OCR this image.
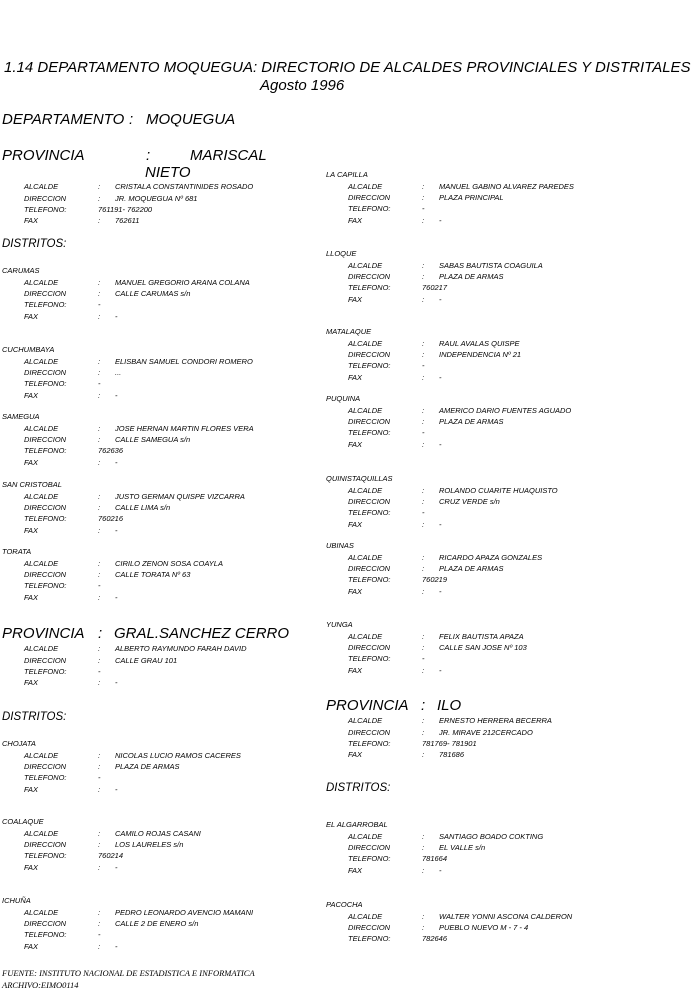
1.14 DEPARTAMENTO MOQUEGUA: DIRECTORIO DE ALCALDES PROVINCIALES Y DISTRITALES
Agosto 1996
DEPARTAMENTO : MOQUEGUA
PROVINCIA	:	MARISCAL
NIETO
ALCALDE	: CRISTALA CONSTANTINIDES ROSADO
DIRECCION	: JR. MOQUEGUA Nº 681
TELEFONO:	761191- 762200
FAX	: 762611
DISTRITOS:
PROVINCIA : GRAL.SANCHEZ CERRO
ALCALDE	: ALBERTO RAYMUNDO FARAH DAVID
DIRECCION	: CALLE GRAU 101
TELEFONO:	-
FAX	: -
DISTRITOS:
PROVINCIA : ILO
ALCALDE	: ERNESTO HERRERA BECERRA
DIRECCION	: JR. MIRAVE 212CERCADO
TELEFONO:	781769- 781901
FAX	: 781686
DISTRITOS:
CARUMAS
ALCALDE	: MANUEL GREGORIO ARANA COLANA
DIRECCION	: CALLE CARUMAS s/n
TELEFONO:	-
FAX	: -
CUCHUMBAYA
ALCALDE	: ELISBAN SAMUEL CONDORI ROMERO
DIRECCION	: ...
TELEFONO:	-
FAX	: -
SAMEGUA
ALCALDE	: JOSE HERNAN MARTIN FLORES VERA
DIRECCION	: CALLE SAMEGUA s/n
TELEFONO:	762636
FAX	: -
SAN CRISTOBAL
ALCALDE	: JUSTO GERMAN QUISPE VIZCARRA
DIRECCION	: CALLE LIMA s/n
TELEFONO:	760216
FAX	: -
TORATA
ALCALDE	: CIRILO ZENON SOSA COAYLA
DIRECCION	: CALLE TORATA Nº 63
TELEFONO:	-
FAX	: -
CHOJATA
ALCALDE	: NICOLAS LUCIO RAMOS CACERES
DIRECCION	: PLAZA DE ARMAS
TELEFONO:	-
FAX	: -
COALAQUE
ALCALDE	: CAMILO ROJAS CASANI
DIRECCION	: LOS LAURELES s/n
TELEFONO:	760214
FAX	: -
ICHUÑA
ALCALDE	: PEDRO LEONARDO AVENCIO MAMANI
DIRECCION	: CALLE 2 DE ENERO s/n
TELEFONO:	-
FAX	: -
LA CAPILLA
ALCALDE	: MANUEL GABINO ALVAREZ PAREDES
DIRECCION	: PLAZA PRINCIPAL
TELEFONO:	-
FAX	: -
LLOQUE
ALCALDE	: SABAS BAUTISTA COAGUILA
DIRECCION	: PLAZA DE ARMAS
TELEFONO:	760217
FAX	: -
MATALAQUE
ALCALDE	: RAUL AVALAS QUISPE
DIRECCION	: INDEPENDENCIA Nº 21
TELEFONO:	-
FAX	: -
PUQUINA
ALCALDE	: AMERICO DARIO FUENTES AGUADO
DIRECCION	: PLAZA DE ARMAS
TELEFONO:	-
FAX	: -
QUINISTAQUILLAS
ALCALDE	: ROLANDO CUARITE HUAQUISTO
DIRECCION	: CRUZ VERDE s/n
TELEFONO:	-
FAX	: -
UBINAS
ALCALDE	: RICARDO APAZA GONZALES
DIRECCION	: PLAZA DE ARMAS
TELEFONO:	760219
FAX	: -
YUNGA
ALCALDE	: FELIX BAUTISTA APAZA
DIRECCION	: CALLE SAN JOSE Nº 103
TELEFONO:	-
FAX	: -
EL ALGARROBAL
ALCALDE	: SANTIAGO BOADO COKTING
DIRECCION	: EL VALLE s/n
TELEFONO:	781664
FAX	: -
PACOCHA
ALCALDE	: WALTER YONNI ASCONA CALDERON
DIRECCION	: PUEBLO NUEVO M - 7 - 4
TELEFONO:	782646
FUENTE: INSTITUTO NACIONAL DE ESTADISTICA E INFORMATICA
ARCHIVO:EIMO0114
